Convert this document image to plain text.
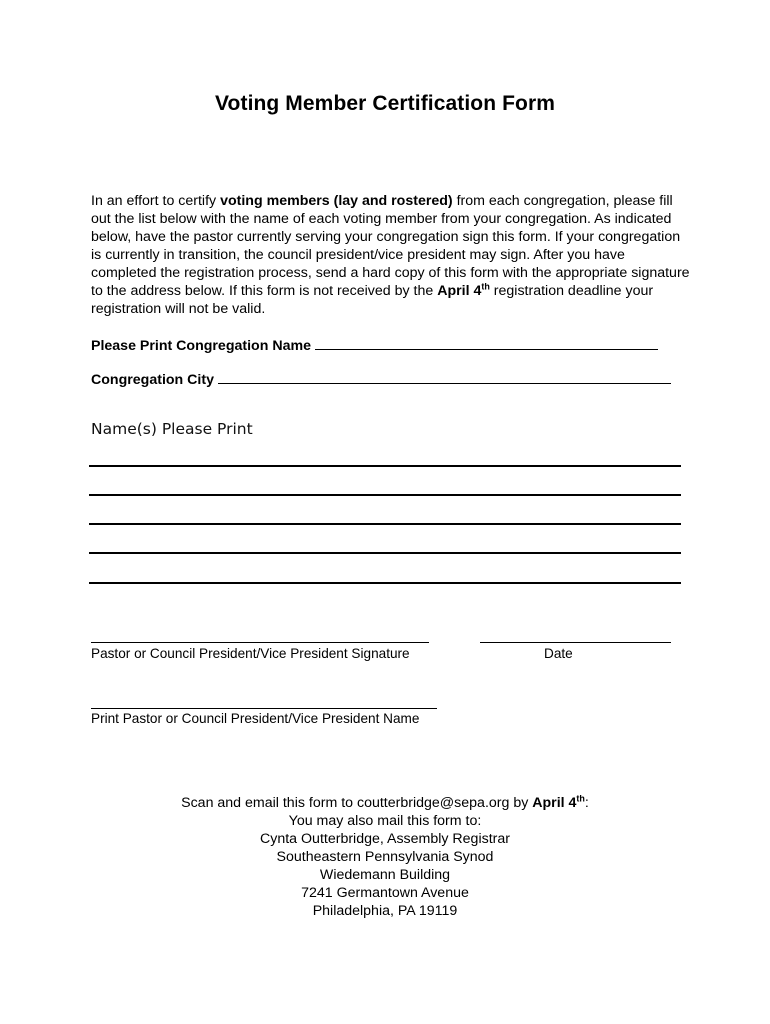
Voting Member Certification Form
In an effort to certify voting members (lay and rostered) from each congregation, please fill out the list below with the name of each voting member from your congregation. As indicated below, have the pastor currently serving your congregation sign this form. If your congregation is currently in transition, the council president/vice president may sign. After you have completed the registration process, send a hard copy of this form with the appropriate signature to the address below. If this form is not received by the April 4th registration deadline your registration will not be valid.
Please Print Congregation Name
Congregation City
Name(s) Please Print
Pastor or Council President/Vice President Signature	Date
Print Pastor or Council President/Vice President Name
Scan and email this form to coutterbridge@sepa.org by April 4th:
You may also mail this form to:
Cynta Outterbridge, Assembly Registrar
Southeastern Pennsylvania Synod
Wiedemann Building
7241 Germantown Avenue
Philadelphia, PA 19119
